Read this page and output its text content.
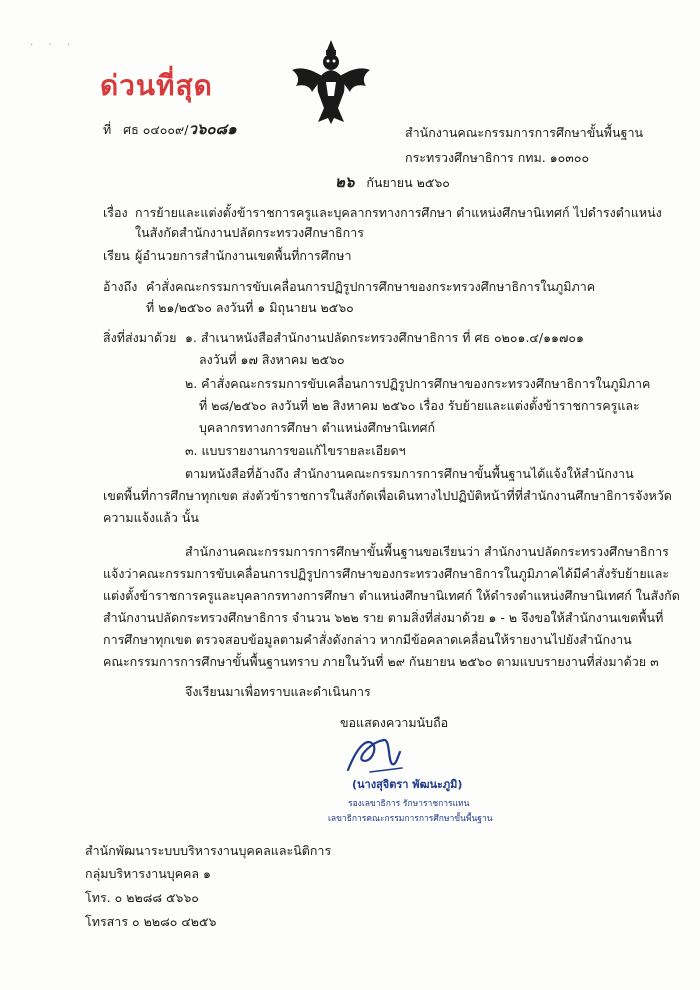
· · ·
ด่วนที่สุด
ที่ ศธ ๐๔๐๐๙/ว๖๐๘๑	สำนักงานคณะกรรมการการศึกษาขั้นพื้นฐาน
กระทรวงศึกษาธิการ กทม. ๑๐๓๐๐
๒๖ กันยายน ๒๕๖๐
เรื่อง การย้ายและแต่งตั้งข้าราชการครูและบุคลากรทางการศึกษา ตำแหน่งศึกษานิเทศก์ ไปดำรงตำแหน่ง
ในสังกัดสำนักงานปลัดกระทรวงศึกษาธิการ
เรียน ผู้อำนวยการสำนักงานเขตพื้นที่การศึกษา
อ้างถึง คำสั่งคณะกรรมการขับเคลื่อนการปฏิรูปการศึกษาของกระทรวงศึกษาธิการในภูมิภาค
ที่ ๒๑/๒๕๖๐ ลงวันที่ ๑ มิถุนายน ๒๕๖๐
สิ่งที่ส่งมาด้วย ๑. สำเนาหนังสือสำนักงานปลัดกระทรวงศึกษาธิการ ที่ ศธ ๐๒๐๑.๔/๑๑๗๐๑
ลงวันที่ ๑๗ สิงหาคม ๒๕๖๐
๒. คำสั่งคณะกรรมการขับเคลื่อนการปฏิรูปการศึกษาของกระทรวงศึกษาธิการในภูมิภาค
ที่ ๒๘/๒๕๖๐ ลงวันที่ ๒๒ สิงหาคม ๒๕๖๐ เรื่อง รับย้ายและแต่งตั้งข้าราชการครูและ
บุคลากรทางการศึกษา ตำแหน่งศึกษานิเทศก์
๓. แบบรายงานการขอแก้ไขรายละเอียดฯ
ตามหนังสือที่อ้างถึง สำนักงานคณะกรรมการการศึกษาขั้นพื้นฐานได้แจ้งให้สำนักงาน
เขตพื้นที่การศึกษาทุกเขต ส่งตัวข้าราชการในสังกัดเพื่อเดินทางไปปฏิบัติหน้าที่ที่สำนักงานศึกษาธิการจังหวัด
ความแจ้งแล้ว นั้น
สำนักงานคณะกรรมการการศึกษาขั้นพื้นฐานขอเรียนว่า สำนักงานปลัดกระทรวงศึกษาธิการ
แจ้งว่าคณะกรรมการขับเคลื่อนการปฏิรูปการศึกษาของกระทรวงศึกษาธิการในภูมิภาคได้มีคำสั่งรับย้ายและ
แต่งตั้งข้าราชการครูและบุคลากรทางการศึกษา ตำแหน่งศึกษานิเทศก์ ให้ดำรงตำแหน่งศึกษานิเทศก์ ในสังกัด
สำนักงานปลัดกระทรวงศึกษาธิการ จำนวน ๖๒๒ ราย ตามสิ่งที่ส่งมาด้วย ๑ - ๒ จึงขอให้สำนักงานเขตพื้นที่
การศึกษาทุกเขต ตรวจสอบข้อมูลตามคำสั่งดังกล่าว หากมีข้อคลาดเคลื่อนให้รายงานไปยังสำนักงาน
คณะกรรมการการศึกษาขั้นพื้นฐานทราบ ภายในวันที่ ๒๙ กันยายน ๒๕๖๐ ตามแบบรายงานที่ส่งมาด้วย ๓
จึงเรียนมาเพื่อทราบและดำเนินการ
ขอแสดงความนับถือ
(นางสุจิตรา พัฒนะภูมิ)
รองเลขาธิการ รักษาราชการแทน
เลขาธิการคณะกรรมการการศึกษาขั้นพื้นฐาน
สำนักพัฒนาระบบบริหารงานบุคคลและนิติการ
กลุ่มบริหารงานบุคคล ๑
โทร. ๐ ๒๒๘๘ ๕๖๖๐
โทรสาร ๐ ๒๒๘๐ ๔๒๕๖
